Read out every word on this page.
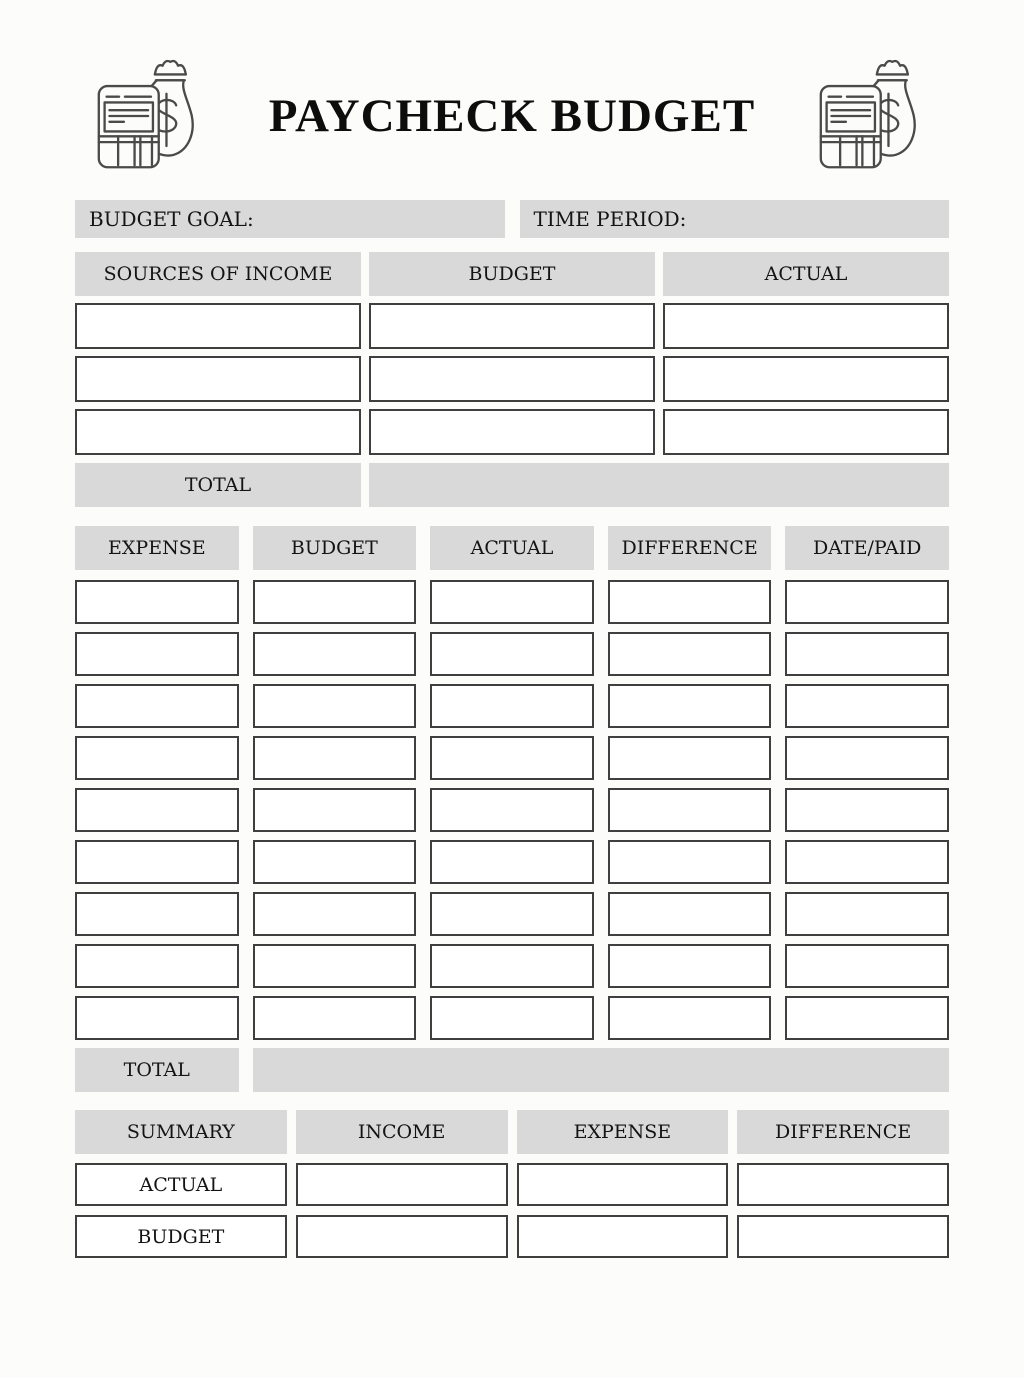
PAYCHECK BUDGET
BUDGET GOAL:	TIME PERIOD:
SOURCES OF INCOME	BUDGET	ACTUAL
TOTAL
EXPENSE	BUDGET	ACTUAL	DIFFERENCE	DATE/PAID
TOTAL
SUMMARY	INCOME	EXPENSE	DIFFERENCE
ACTUAL
BUDGET
